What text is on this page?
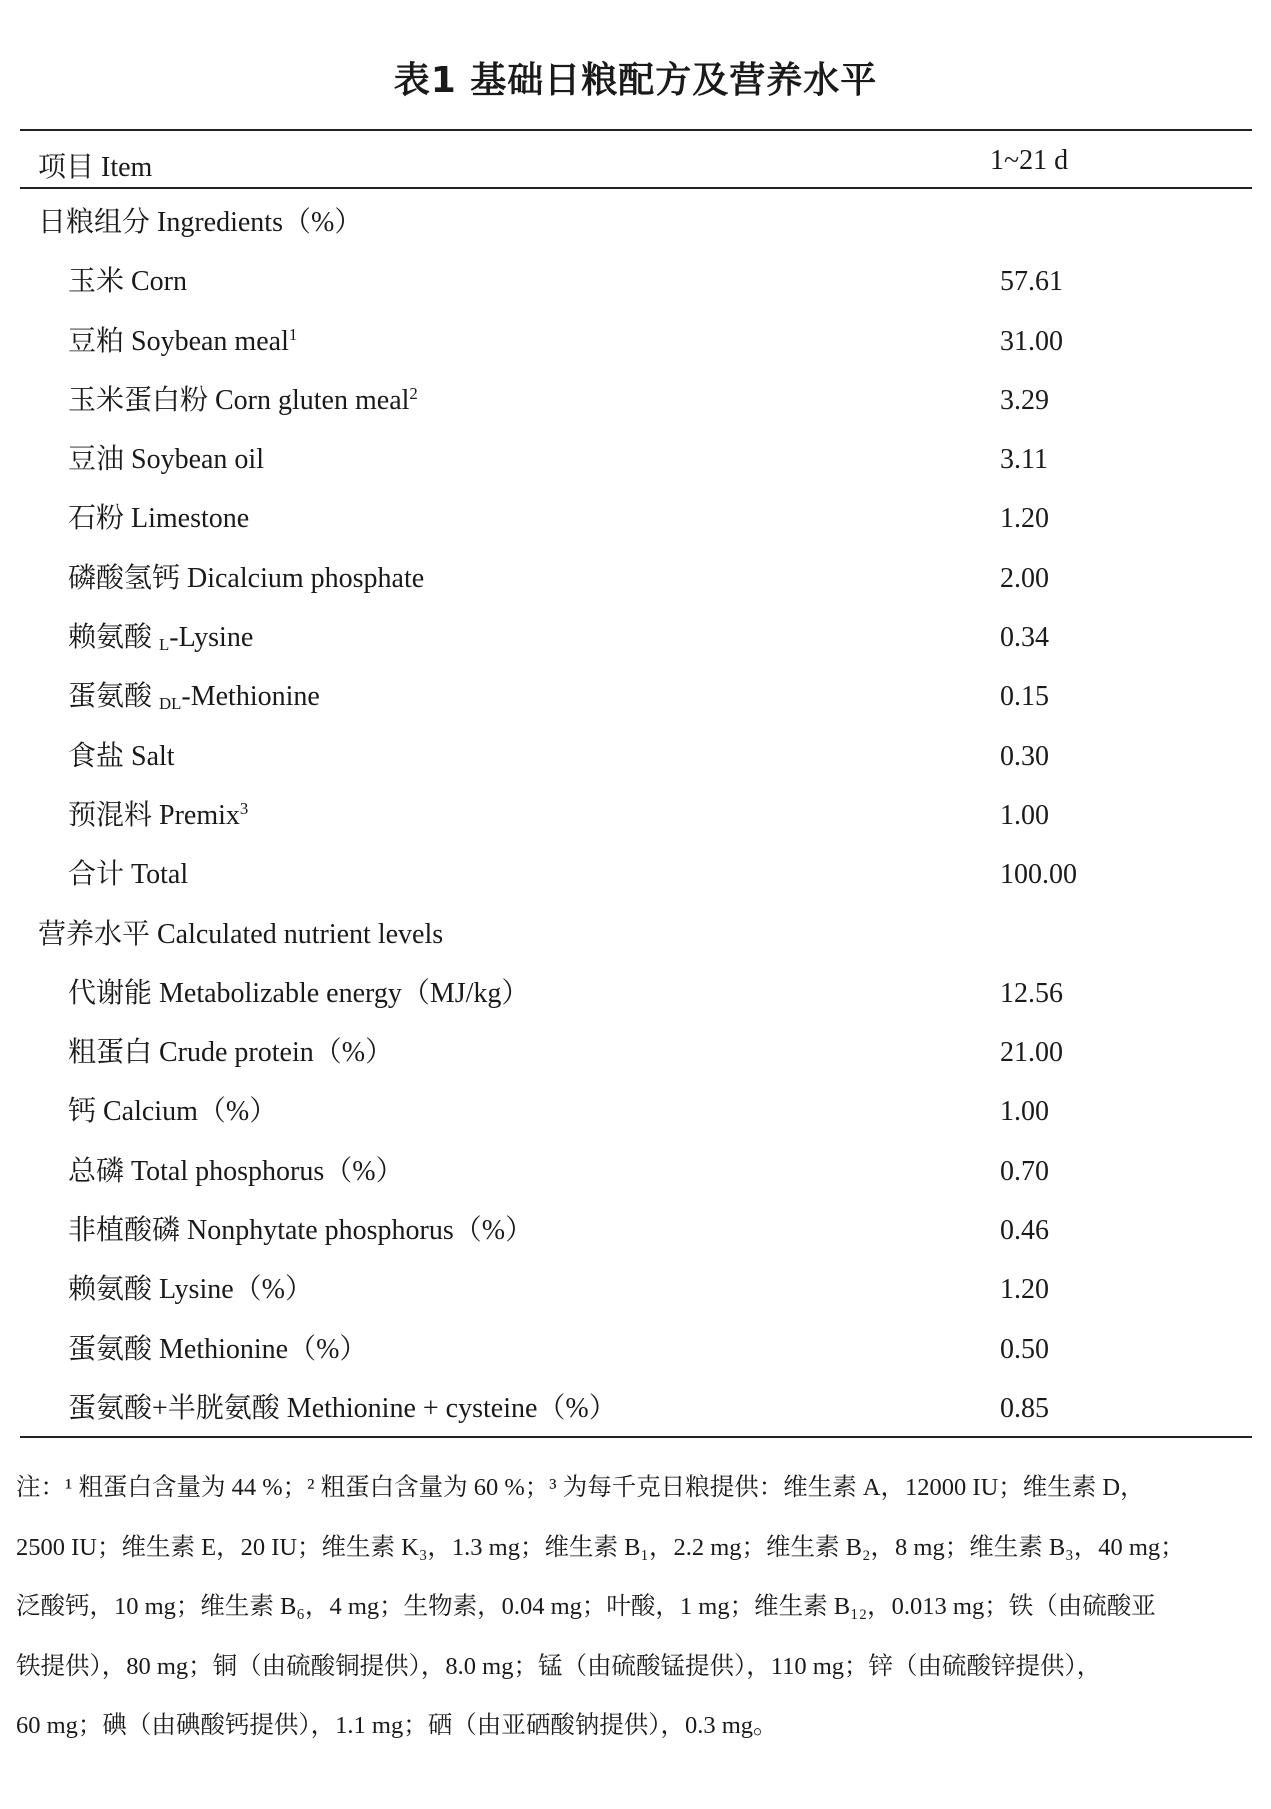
表1 基础日粮配方及营养水平
项目 Item	1~21 d
日粮组分 Ingredients（%）
玉米 Corn	57.61
豆粕 Soybean meal$^1$	31.00
玉米蛋白粉 Corn gluten meal$^2$	3.29
豆油 Soybean oil	3.11
石粉 Limestone	1.20
磷酸氢钙 Dicalcium phosphate	2.00
赖氨酸 $_L$-Lysine	0.34
蛋氨酸 $_{DL}$-Methionine	0.15
食盐 Salt	0.30
预混料 Premix$^3$	1.00
合计 Total	100.00
营养水平 Calculated nutrient levels
代谢能 Metabolizable energy（MJ/kg）	12.56
粗蛋白 Crude protein（%）	21.00
钙 Calcium（%）	1.00
总磷 Total phosphorus（%）	0.70
非植酸磷 Nonphytate phosphorus（%）	0.46
赖氨酸 Lysine（%）	1.20
蛋氨酸 Methionine（%）	0.50
蛋氨酸+半胱氨酸 Methionine + cysteine（%）	0.85
注：¹ 粗蛋白含量为 44 %；² 粗蛋白含量为 60 %；³ 为每千克日粮提供：维生素 A，12000 IU；维生素 D，
2500 IU；维生素 E，20 IU；维生素 K₃，1.3 mg；维生素 B₁，2.2 mg；维生素 B₂，8 mg；维生素 B₃，40 mg；
泛酸钙，10 mg；维生素 B₆，4 mg；生物素，0.04 mg；叶酸，1 mg；维生素 B₁₂，0.013 mg；铁（由硫酸亚
铁提供），80 mg；铜（由硫酸铜提供），8.0 mg；锰（由硫酸锰提供），110 mg；锌（由硫酸锌提供），
60 mg；碘（由碘酸钙提供），1.1 mg；硒（由亚硒酸钠提供），0.3 mg。
